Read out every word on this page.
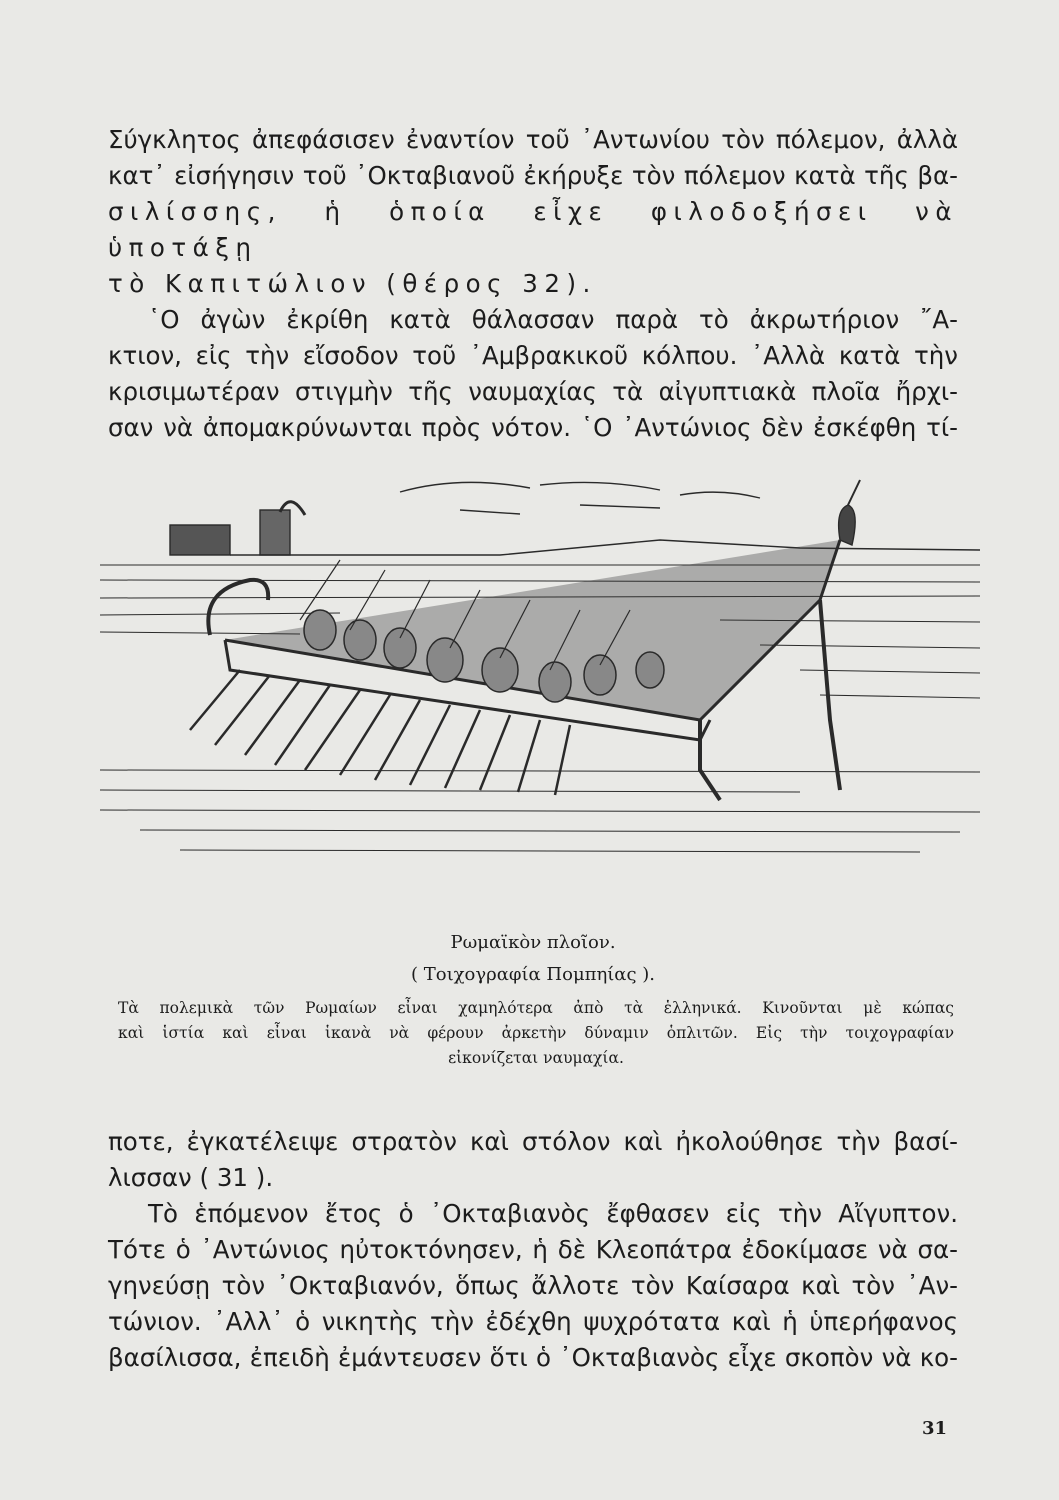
Σύγκλητος ἀπεφάσισεν ἐναντίον τοῦ ᾿Αντωνίου τὸν πόλεμον, ἀλλὰ
κατ᾿ εἰσήγησιν τοῦ ᾿Οκταβιανοῦ ἐκήρυξε τὸν πόλεμον κατὰ τῆς βα-
σιλίσσης, ἡ ὁποία εἶχε φιλοδοξήσει νὰ ὑποτάξῃ
τὸ Καπιτώλιον (θέρος 32).
῾Ο ἀγὼν ἐκρίθη κατὰ θάλασσαν παρὰ τὸ ἀκρωτήριον ῎Α-
κτιον, εἰς τὴν εἴσοδον τοῦ ᾿Αμβρακικοῦ κόλπου. ᾿Αλλὰ κατὰ τὴν
κρισιμωτέραν στιγμὴν τῆς ναυμαχίας τὰ αἰγυπτιακὰ πλοῖα ἤρχι-
σαν νὰ ἀπομακρύνωνται πρὸς νότον. ῾Ο ᾿Αντώνιος δὲν ἐσκέφθη τί-
Ρωμαϊκὸν πλοῖον.
( Τοιχογραφία Πομπηίας ).
Τὰ πολεμικὰ τῶν Ρωμαίων εἶναι χαμηλότερα ἀπὸ τὰ ἑλληνικά. Κινοῦνται μὲ κώπας
καὶ ἱστία καὶ εἶναι ἱκανὰ νὰ φέρουν ἀρκετὴν δύναμιν ὁπλιτῶν. Εἰς τὴν τοιχογραφίαν
εἰκονίζεται ναυμαχία.
ποτε, ἐγκατέλειψε στρατὸν καὶ στόλον καὶ ἠκολούθησε τὴν βασί-
λισσαν ( 31 ).
Τὸ ἑπόμενον ἔτος ὁ ᾿Οκταβιανὸς ἔφθασεν εἰς τὴν Αἴγυπτον.
Τότε ὁ ᾿Αντώνιος ηὐτοκτόνησεν, ἡ δὲ Κλεοπάτρα ἐδοκίμασε νὰ σα-
γηνεύσῃ τὸν ᾿Οκταβιανόν, ὅπως ἄλλοτε τὸν Καίσαρα καὶ τὸν ᾿Αν-
τώνιον. ᾿Αλλ᾿ ὁ νικητὴς τὴν ἐδέχθη ψυχρότατα καὶ ἡ ὑπερήφανος
βασίλισσα, ἐπειδὴ ἐμάντευσεν ὅτι ὁ ᾿Οκταβιανὸς εἶχε σκοπὸν νὰ κο-
31
